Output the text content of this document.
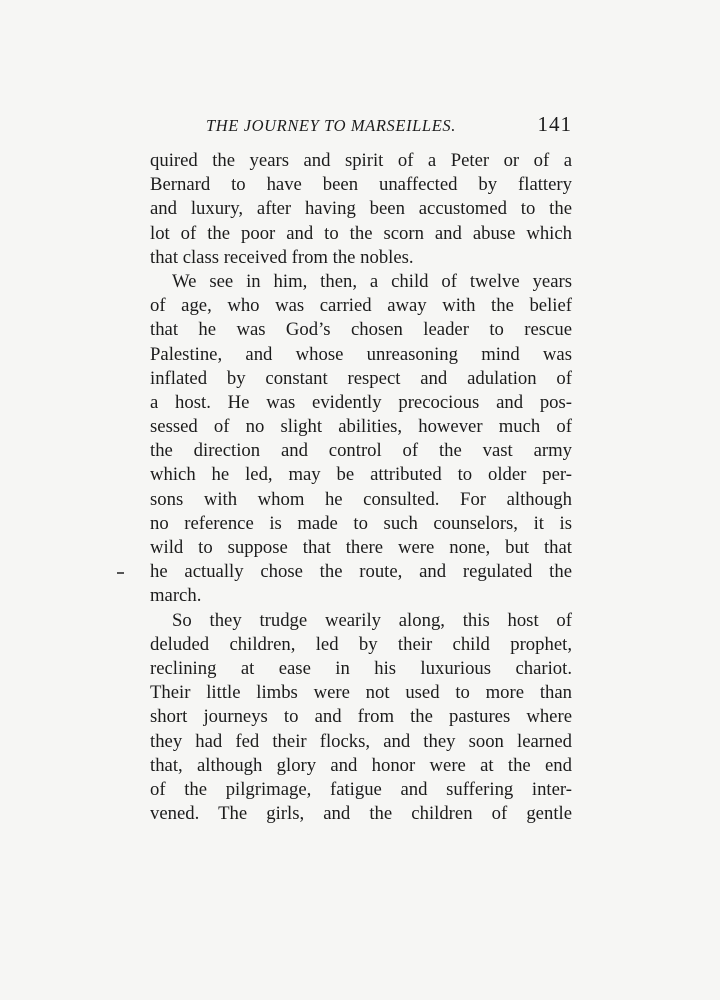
THE JOURNEY TO MARSEILLES.	141
quired the years and spirit of a Peter or of a
Bernard to have been unaffected by flattery
and luxury, after having been accustomed to the
lot of the poor and to the scorn and abuse which
that class received from the nobles.
We see in him, then, a child of twelve years
of age, who was carried away with the belief
that he was God’s chosen leader to rescue
Palestine, and whose unreasoning mind was
inflated by constant respect and adulation of
a host. He was evidently precocious and pos-
sessed of no slight abilities, however much of
the direction and control of the vast army
which he led, may be attributed to older per-
sons with whom he consulted. For although
no reference is made to such counselors, it is
wild to suppose that there were none, but that
he actually chose the route, and regulated the
march.
So they trudge wearily along, this host of
deluded children, led by their child prophet,
reclining at ease in his luxurious chariot.
Their little limbs were not used to more than
short journeys to and from the pastures where
they had fed their flocks, and they soon learned
that, although glory and honor were at the end
of the pilgrimage, fatigue and suffering inter-
vened. The girls, and the children of gentle
